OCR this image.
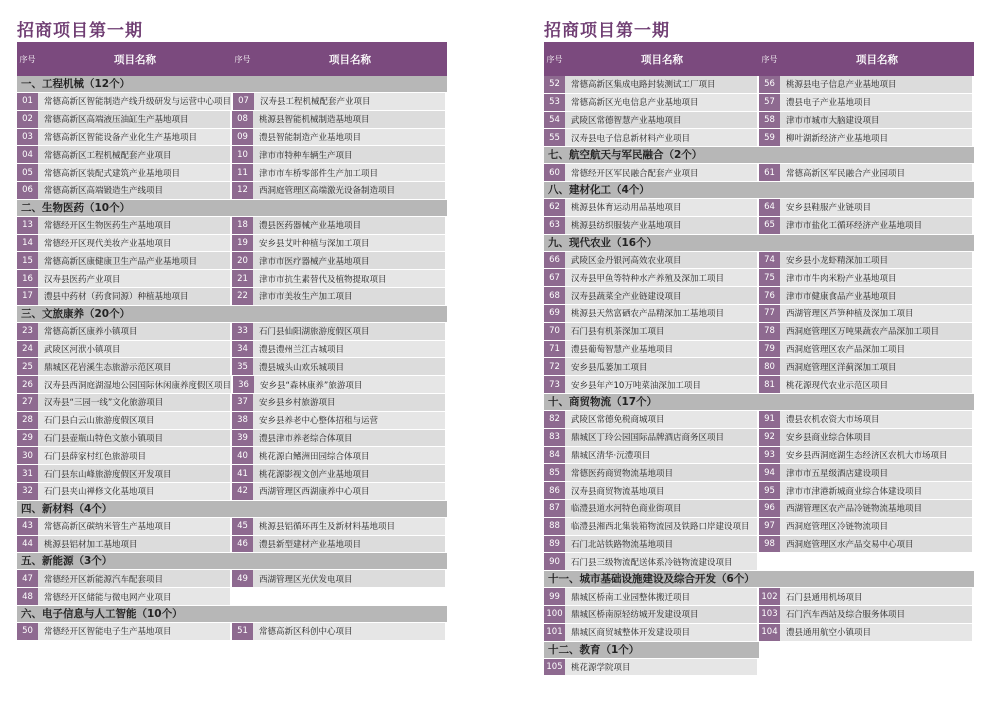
招商项目第一期
序号	项目名称	序号	项目名称
一、工程机械（12个）
01	常德高新区智能制造产线升级研发与运营中心项目 07	汉寿县工程机械配套产业项目
02	常德高新区高端液压油缸生产基地项目	08	桃源县智能机械制造基地项目
03	常德高新区智能设备产业化生产基地项目	09	澧县智能制造产业基地项目
04	常德高新区工程机械配套产业项目	10	津市市特种车辆生产项目
05	常德高新区装配式建筑产业基地项目	11	津市市车桥零部件生产加工项目
06	常德高新区高端锻造生产线项目	12	西洞庭管理区高端激光设备制造项目
二、生物医药（10个）
13	常德经开区生物医药生产基地项目	18	澧县医药器械产业基地项目
14	常德经开区现代美妆产业基地项目	19	安乡县艾叶种植与深加工项目
15	常德高新区康健康卫生产品产业基地项目	20	津市市医疗器械产业基地项目
16	汉寿县医药产业项目	21	津市市抗生素替代及植物提取项目
17	澧县中药材（药食同源）种植基地项目	22	津市市美妆生产加工项目
三、文旅康养（20个）
23	常德高新区康养小镇项目	33	石门县仙阳湖旅游度假区项目
24	武陵区河洑小镇项目	34	澧县澧州兰江古城项目
25	鼎城区花岩溪生态旅游示范区项目	35	澧县城头山欢乐城项目
26	汉寿县西洞庭湖湿地公园国际休闲康养度假区项目 36	安乡县“森林康养”旅游项目
27	汉寿县“三园一线”文化旅游项目	37	安乡县乡村旅游项目
28	石门县白云山旅游度假区项目	38	安乡县养老中心整体招租与运营
29	石门县壶瓶山特色文旅小镇项目	39	澧县津市养老综合体项目
30	石门县薛家村红色旅游项目	40	桃花源白鳍洲田园综合体项目
31	石门县东山峰旅游度假区开发项目	41	桃花源影视文创产业基地项目
32	石门县夹山禅修文化基地项目	42	西湖管理区西湖康养中心项目
四、新材料（4个）
43	常德高新区碳纳米管生产基地项目	45	桃源县铝循环再生及新材料基地项目
44	桃源县铝材加工基地项目	46	澧县新型建材产业基地项目
五、新能源（3个）
47	常德经开区新能源汽车配套项目	49	西湖管理区光伏发电项目
48	常德经开区储能与微电网产业项目
六、电子信息与人工智能（10个）
50	常德经开区智能电子生产基地项目	51	常德高新区科创中心项目
招商项目第一期
序号	项目名称	序号	项目名称
52	常德高新区集成电路封装测试工厂项目	56	桃源县电子信息产业基地项目
53	常德高新区光电信息产业基地项目	57	澧县电子产业基地项目
54	武陵区常德智慧产业基地项目	58	津市市城市大脑建设项目
55	汉寿县电子信息新材料产业项目	59	柳叶湖新经济产业基地项目
七、航空航天与军民融合（2个）
60	常德经开区军民融合配套产业项目	61	常德高新区军民融合产业园项目
八、建材化工（4个）
62	桃源县体育运动用品基地项目	64	安乡县鞋服产业链项目
63	桃源县纺织服装产业基地项目	65	津市市盐化工循环经济产业基地项目
九、现代农业（16个）
66	武陵区金丹银河高效农业项目	74	安乡县小龙虾精深加工项目
67	汉寿县甲鱼等特种水产养殖及深加工项目	75	津市市牛肉米粉产业基地项目
68	汉寿县蔬菜全产业链建设项目	76	津市市健康食品产业基地项目
69	桃源县天然富硒农产品精深加工基地项目	77	西湖管理区芦笋种植及深加工项目
70	石门县有机茶深加工项目	78	西洞庭管理区万吨果蔬农产品深加工项目
71	澧县葡萄智慧产业基地项目	79	西洞庭管理区农产品深加工项目
72	安乡县瓜蒌加工项目	80	西洞庭管理区洋蓟深加工项目
73	安乡县年产10万吨菜油深加工项目	81	桃花源现代农业示范区项目
十、商贸物流（17个）
82	武陵区常德免税商城项目	91	澧县农机农资大市场项目
83	鼎城区丁玲公园国际品牌酒店商务区项目	92	安乡县商业综合体项目
84	鼎城区清华·沅澧项目	93	安乡县西洞庭湖生态经济区农机大市场项目
85	常德医药商贸物流基地项目	94	津市市五星级酒店建设项目
86	汉寿县商贸物流基地项目	95	津市市津港新城商业综合体建设项目
87	临澧县道水河特色商业街项目	96	西湖管理区农产品冷链物流基地项目
88	临澧县湘西北集装箱物流园及铁路口岸建设项目	97	西洞庭管理区冷链物流项目
89	石门北站铁路物流基地项目	98	西洞庭管理区水产品交易中心项目
90	石门县三级物流配送体系冷链物流建设项目
十一、城市基础设施建设及综合开发（6个）
99	鼎城区桥南工业园整体搬迁项目	102 石门县通用机场项目
100 鼎城区桥南原轻纺城开发建设项目	103 石门汽车西站及综合服务体项目
101 鼎城区商贸城整体开发建设项目	104 澧县通用航空小镇项目
十二、教育（1个）
105 桃花源学院项目
